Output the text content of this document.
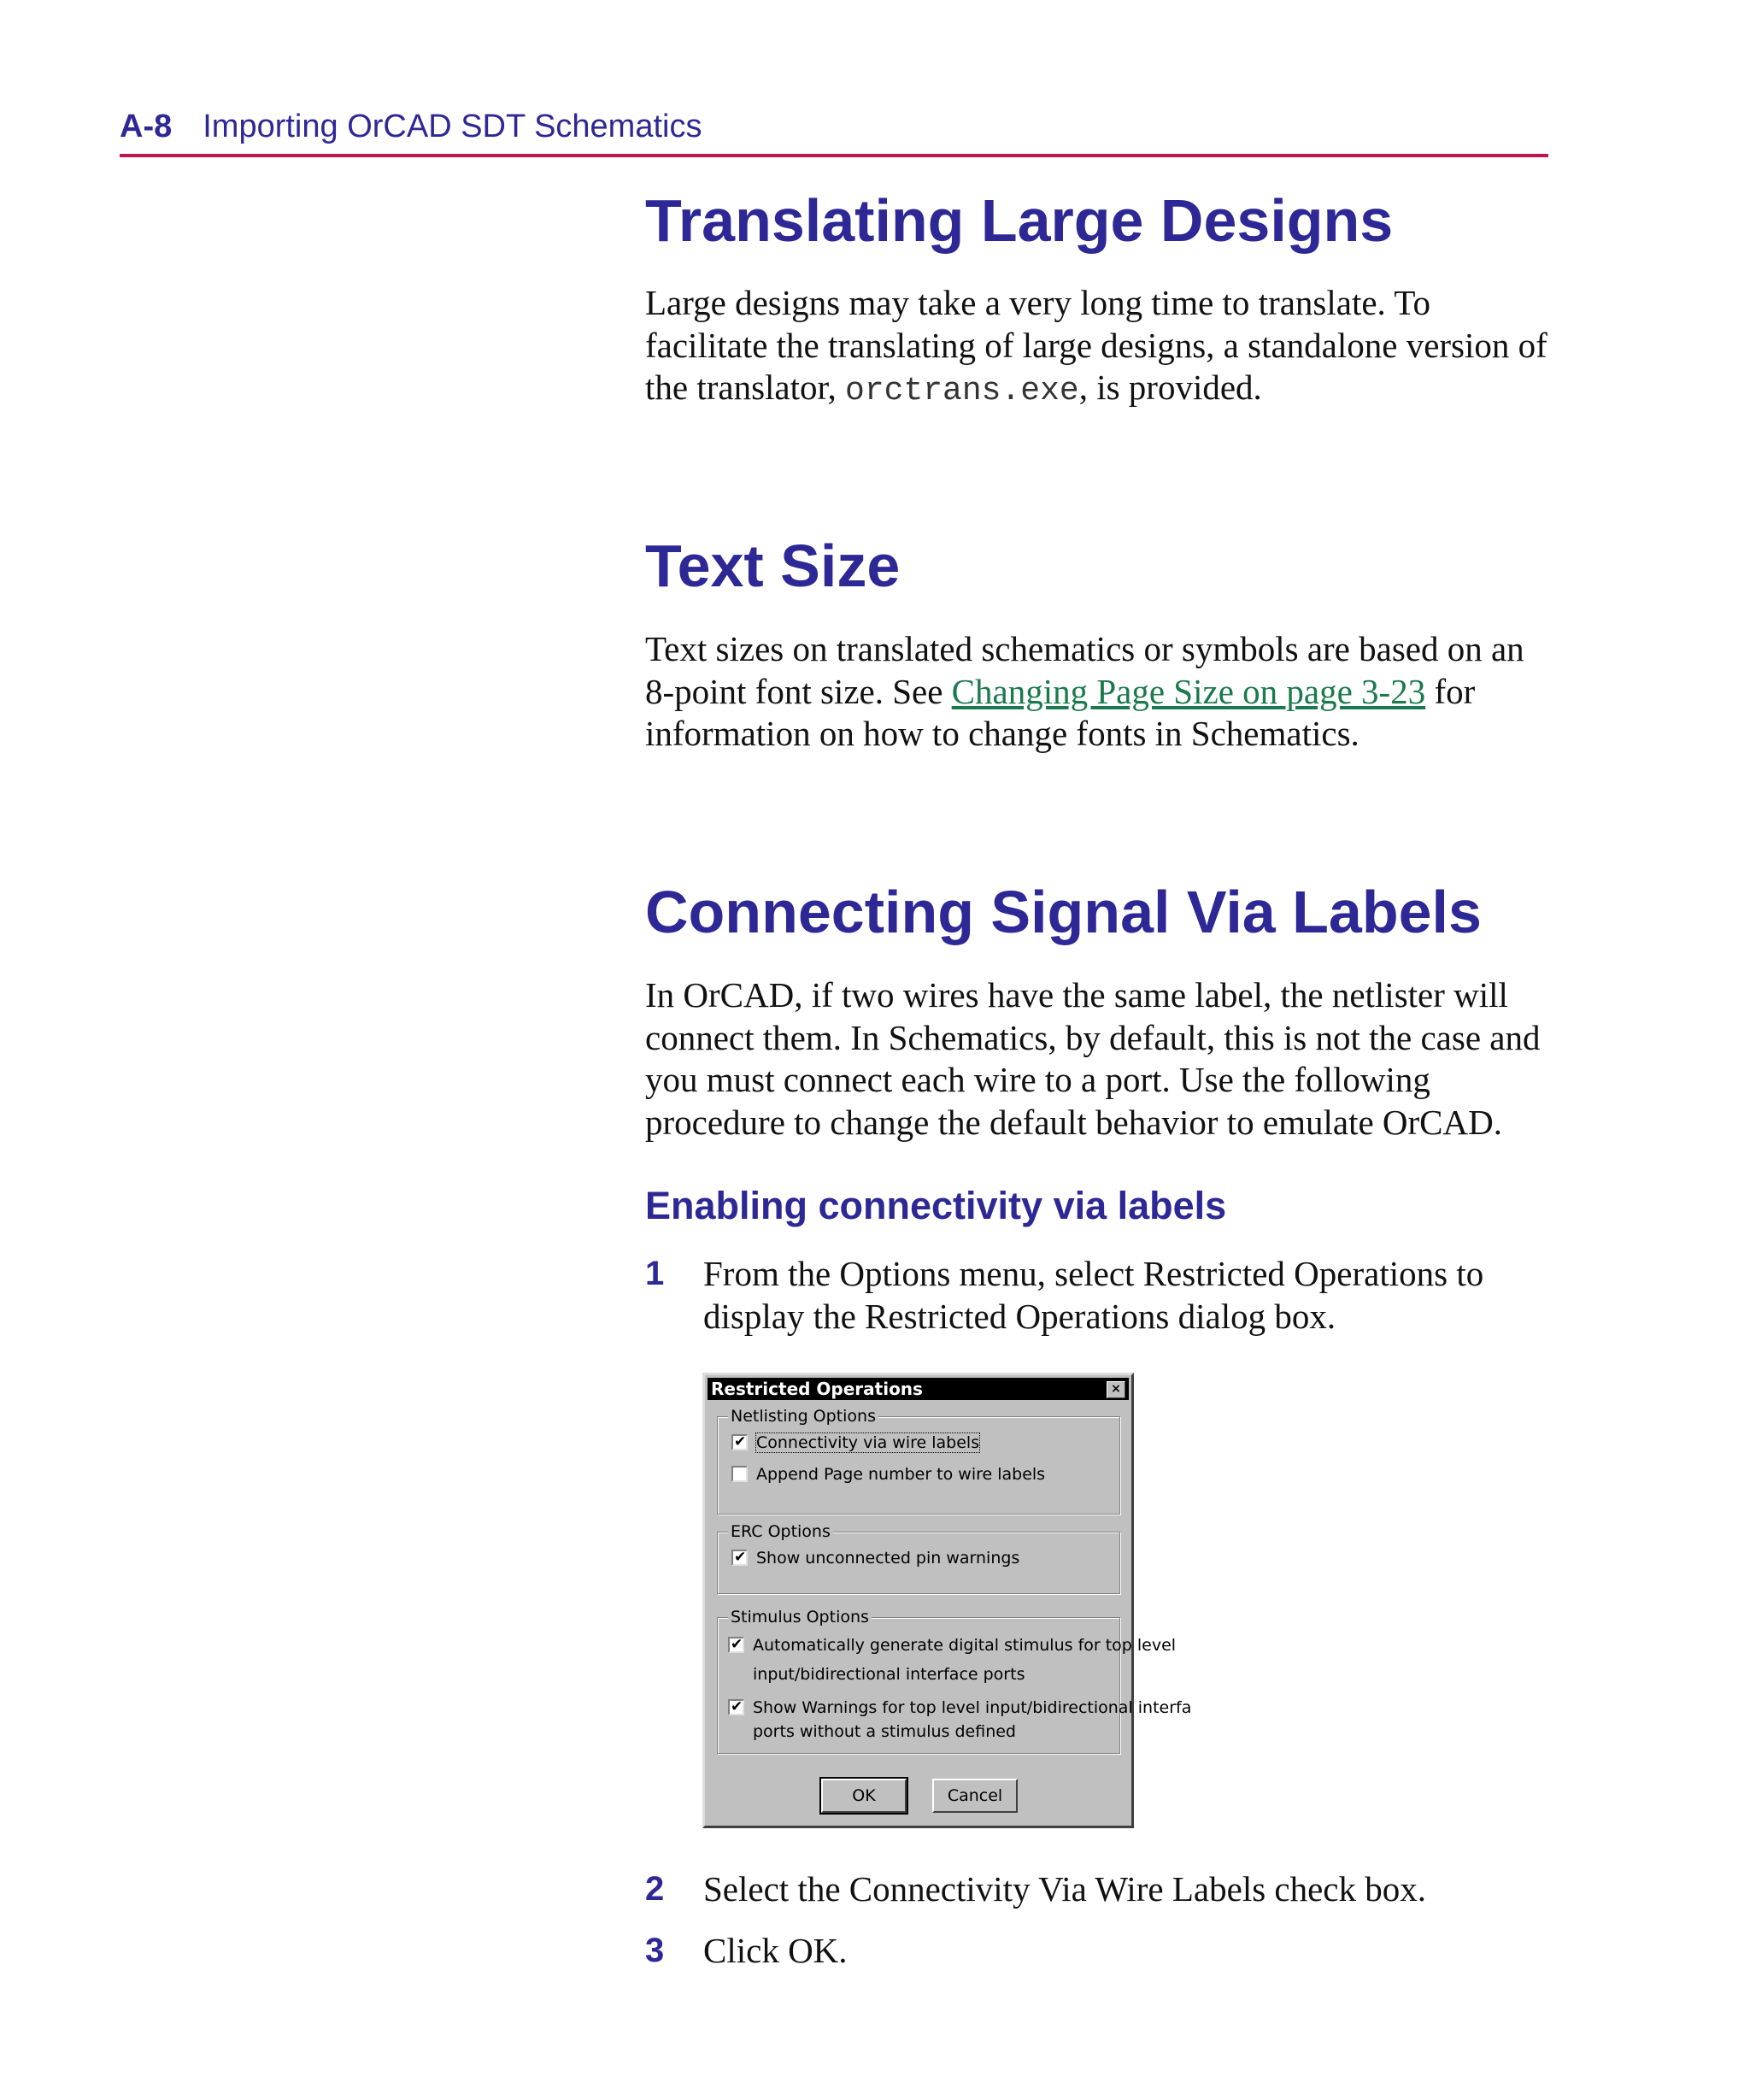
A-8 Importing OrCAD SDT Schematics
Translating Large Designs

Large designs may take a very long time to translate. To facilitate the translating of large designs, a standalone version of the translator, orctrans.exe, is provided.

Text Size

Text sizes on translated schematics or symbols are based on an 8-point font size. See Changing Page Size on page 3-23 for information on how to change fonts in Schematics.

Connecting Signal Via Labels

In OrCAD, if two wires have the same label, the netlister will connect them. In Schematics, by default, this is not the case and you must connect each wire to a port. Use the following procedure to change the default behavior to emulate OrCAD.

Enabling connectivity via labels
1 From the Options menu, select Restricted Operations to display the Restricted Operations dialog box.
2 Select the Connectivity Via Wire Labels check box.
3 Click OK.
Restricted Operations	×
Netlisting Options
✔Connectivity via wire labels
Append Page number to wire labels
ERC Options
✔Show unconnected pin warnings
Stimulus Options
✔Automatically generate digital stimulus for top level
input/bidirectional interface ports
✔Show Warnings for top level input/bidirectional interfa
ports without a stimulus defined
OK	Cancel
